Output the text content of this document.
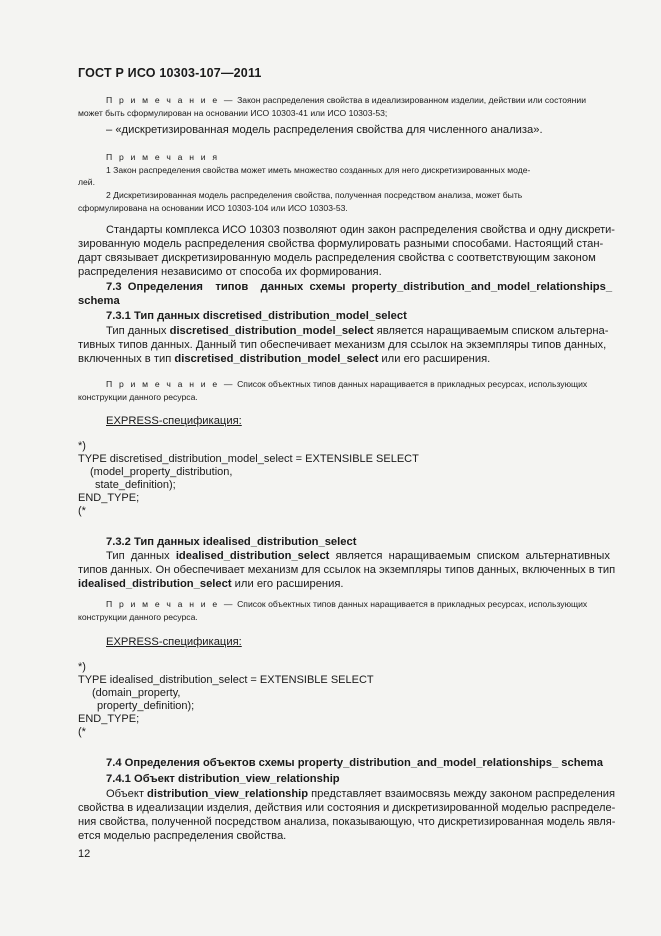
ГОСТ Р ИСО 10303-107—2011
П р и м е ч а н и е — Закон распределения свойства в идеализированном изделии, действии или состоянии
может быть сформулирован на основании ИСО 10303-41 или ИСО 10303-53;
– «дискретизированная модель распределения свойства для численного анализа».
П р и м е ч а н и я
1 Закон распределения свойства может иметь множество созданных для него дискретизированных моде-
лей.
2 Дискретизированная модель распределения свойства, полученная посредством анализа, может быть
сформулирована на основании ИСО 10303-104 или ИСО 10303-53.
Стандарты комплекса ИСО 10303 позволяют один закон распределения свойства и одну дискрети-
зированную модель распределения свойства формулировать разными способами. Настоящий стан-
дарт связывает дискретизированную модель распределения свойства с соответствующим законом
распределения независимо от способа их формирования.
7.3  Определения    типов    данных  схемы  property_distribution_and_model_relationships_
schema
7.3.1 Тип данных discretised_distribution_model_select
Тип данных discretised_distribution_model_select является наращиваемым списком альтерна-
тивных типов данных. Данный тип обеспечивает механизм для ссылок на экземпляры типов данных,
включенных в тип discretised_distribution_model_select или его расширения.
П р и м е ч а н и е — Список объектных типов данных наращивается в прикладных ресурсах, использующих
конструкции данного ресурса.
EXPRESS-спецификация:
*)
TYPE discretised_distribution_model_select = EXTENSIBLE SELECT
(model_property_distribution,
state_definition);
END_TYPE;
(*
7.3.2 Тип данных idealised_distribution_select
Тип  данных  idealised_distribution_select  является  наращиваемым  списком  альтернативных
типов данных. Он обеспечивает механизм для ссылок на экземпляры типов данных, включенных в тип
idealised_distribution_select или его расширения.
П р и м е ч а н и е — Список объектных типов данных наращивается в прикладных ресурсах, использующих
конструкции данного ресурса.
EXPRESS-спецификация:
*)
TYPE idealised_distribution_select = EXTENSIBLE SELECT
(domain_property,
property_definition);
END_TYPE;
(*
7.4 Определения объектов схемы property_distribution_and_model_relationships_ schema
7.4.1 Объект distribution_view_relationship
Объект distribution_view_relationship представляет взаимосвязь между законом распределения
свойства в идеализации изделия, действия или состояния и дискретизированной моделью распределе-
ния свойства, полученной посредством анализа, показывающую, что дискретизированная модель явля-
ется моделью распределения свойства.
12
